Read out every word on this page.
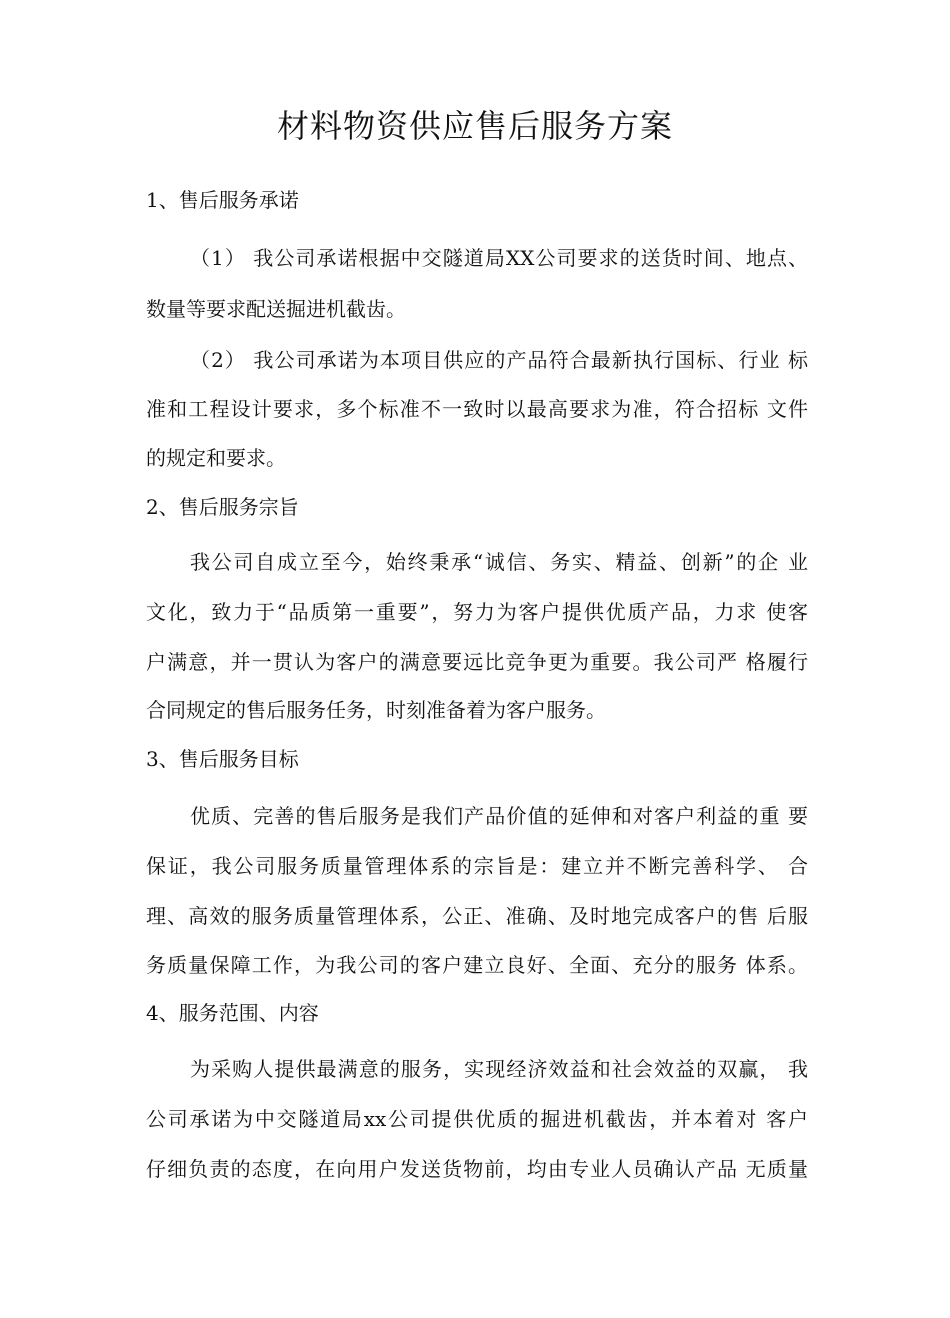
材料物资供应售后服务方案
1、售后服务承诺

（1） 我公司承诺根据中交隧道局XX公司要求的送货时间、地点、

数量等要求配送掘进机截齿。

（2） 我公司承诺为本项目供应的产品符合最新执行国标、行业 标

准和工程设计要求，多个标准不一致时以最高要求为准，符合招标 文件

的规定和要求。

2、售后服务宗旨

我公司自成立至今，始终秉承“诚信、务实、精益、创新”的企 业

文化，致力于“品质第一重要”，努力为客户提供优质产品，力求 使客

户满意，并一贯认为客户的满意要远比竞争更为重要。我公司严 格履行

合同规定的售后服务任务，时刻准备着为客户服务。

3、售后服务目标

优质、完善的售后服务是我们产品价值的延伸和对客户利益的重 要

保证，我公司服务质量管理体系的宗旨是：建立并不断完善科学、 合

理、高效的服务质量管理体系，公正、准确、及时地完成客户的售 后服

务质量保障工作，为我公司的客户建立良好、全面、充分的服务 体系。

4、服务范围、内容

为采购人提供最满意的服务，实现经济效益和社会效益的双赢， 我

公司承诺为中交隧道局xx公司提供优质的掘进机截齿，并本着对 客户

仔细负责的态度，在向用户发送货物前，均由专业人员确认产品 无质量
